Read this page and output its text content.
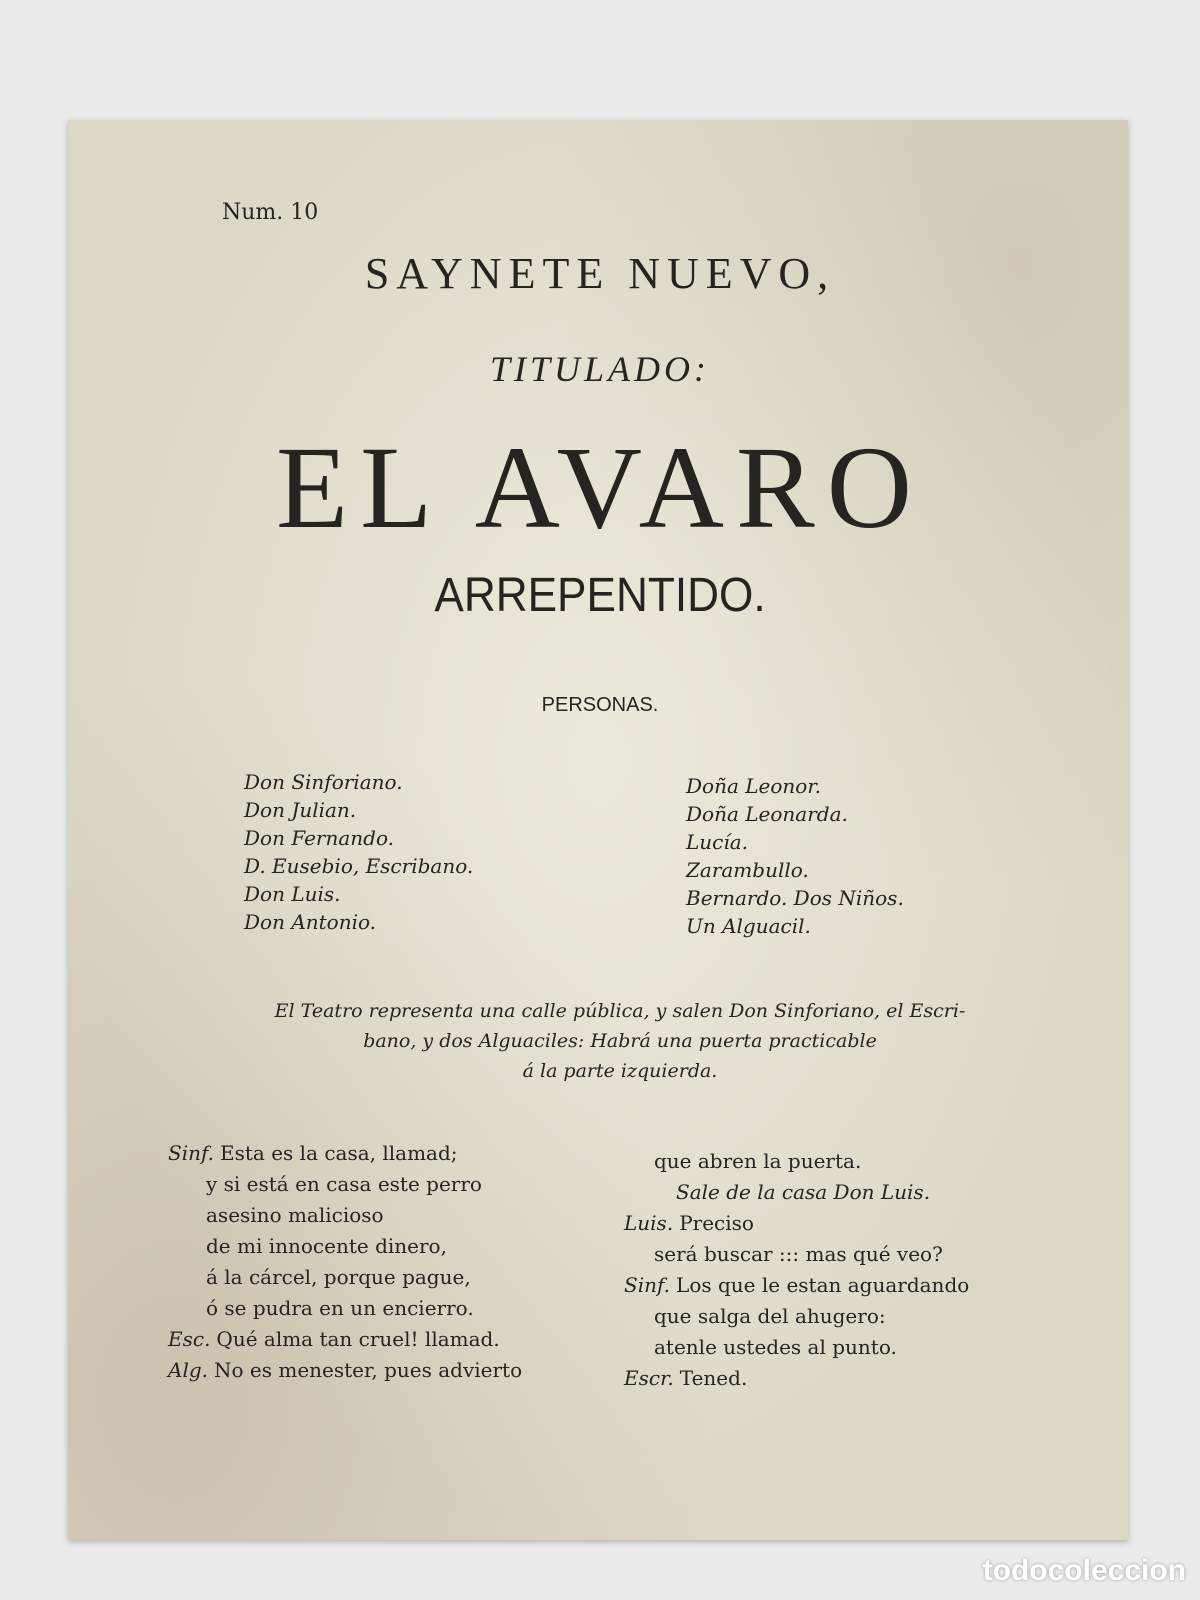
Num. 10
SAYNETE NUEVO,
TITULADO:
EL AVARO
ARREPENTIDO.
PERSONAS.
Don Sinforiano.
Don Julian.
Don Fernando.
D. Eusebio, Escribano.
Don Luis.
Don Antonio.
Doña Leonor.
Doña Leonarda.
Lucía.
Zarambullo.
Bernardo. Dos Niños.
Un Alguacil.
El Teatro representa una calle pública, y salen Don Sinforiano, el Escri-
bano, y dos Alguaciles: Habrá una puerta practicable
á la parte izquierda.
Sinf. Esta es la casa, llamad;
y si está en casa este perro
asesino malicioso
de mi innocente dinero,
á la cárcel, porque pague,
ó se pudra en un encierro.
Esc. Qué alma tan cruel! llamad.
Alg. No es menester, pues advierto
que abren la puerta.
Sale de la casa Don Luis.
Luis. Preciso
será buscar ::: mas qué veo?
Sinf. Los que le estan aguardando
que salga del ahugero:
atenle ustedes al punto.
Escr. Tened.
todocoleccion
